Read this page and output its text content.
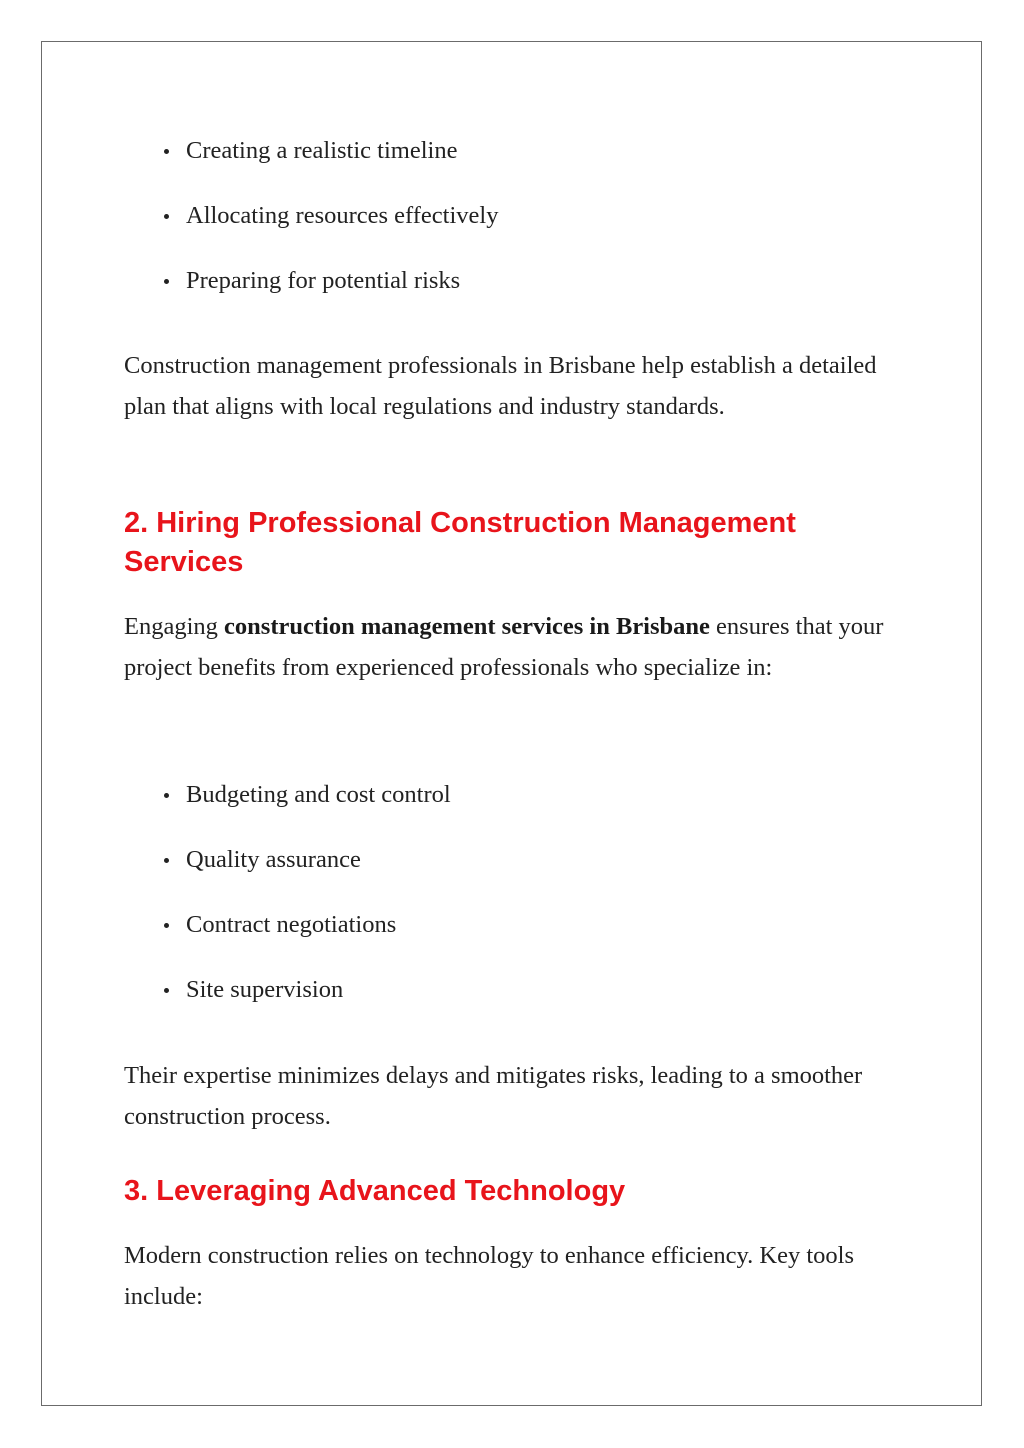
Creating a realistic timeline
Allocating resources effectively
Preparing for potential risks

Construction management professionals in Brisbane help establish a detailed plan that aligns with local regulations and industry standards.

2. Hiring Professional Construction Management Services

Engaging construction management services in Brisbane ensures that your project benefits from experienced professionals who specialize in:

Budgeting and cost control
Quality assurance
Contract negotiations
Site supervision

Their expertise minimizes delays and mitigates risks, leading to a smoother construction process.

3. Leveraging Advanced Technology

Modern construction relies on technology to enhance efficiency. Key tools include:
